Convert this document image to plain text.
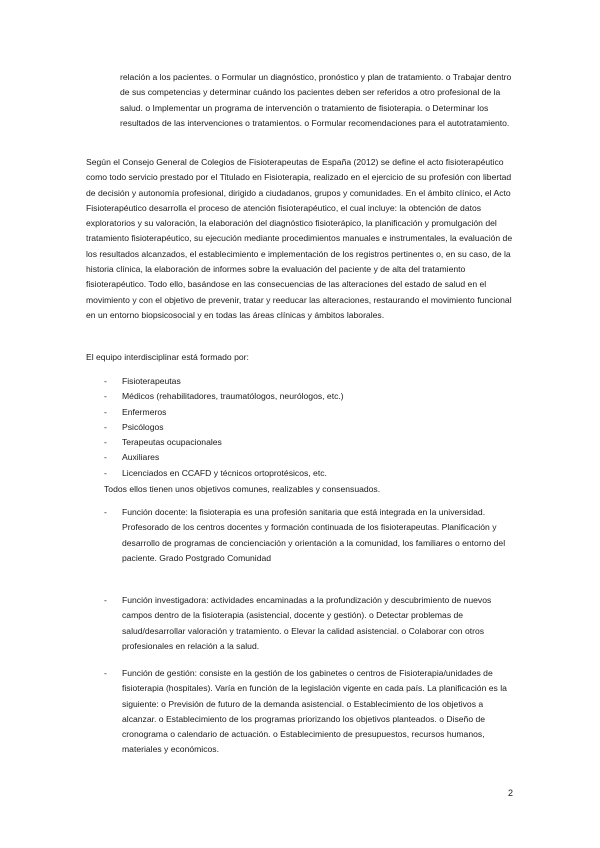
relación a los pacientes. o Formular un diagnóstico, pronóstico y plan de tratamiento. o Trabajar dentro de sus competencias y determinar cuándo los pacientes deben ser referidos a otro profesional de la salud. o Implementar un programa de intervención o tratamiento de fisioterapia. o Determinar los resultados de las intervenciones o tratamientos. o Formular recomendaciones para el autotratamiento.

Según el Consejo General de Colegios de Fisioterapeutas de España (2012) se define el acto fisioterapéutico como todo servicio prestado por el Titulado en Fisioterapia, realizado en el ejercicio de su profesión con libertad de decisión y autonomía profesional, dirigido a ciudadanos, grupos y comunidades. En el ámbito clínico, el Acto Fisioterapéutico desarrolla el proceso de atención fisioterapéutico, el cual incluye: la obtención de datos exploratorios y su valoración, la elaboración del diagnóstico fisioterápico, la planificación y promulgación del tratamiento fisioterapéutico, su ejecución mediante procedimientos manuales e instrumentales, la evaluación de los resultados alcanzados, el establecimiento e implementación de los registros pertinentes o, en su caso, de la historia clínica, la elaboración de informes sobre la evaluación del paciente y de alta del tratamiento fisioterapéutico. Todo ello, basándose en las consecuencias de las alteraciones del estado de salud en el movimiento y con el objetivo de prevenir, tratar y reeducar las alteraciones, restaurando el movimiento funcional en un entorno biopsicosocial y en todas las áreas clínicas y ámbitos laborales.

El equipo interdisciplinar está formado por:

- Fisioterapeutas
- Médicos (rehabilitadores, traumatólogos, neurólogos, etc.)
- Enfermeros
- Psicólogos
- Terapeutas ocupacionales
- Auxiliares
- Licenciados en CCAFD y técnicos ortoprotésicos, etc.

Todos ellos tienen unos objetivos comunes, realizables y consensuados.

- Función docente: la fisioterapia es una profesión sanitaria que está integrada en la universidad. Profesorado de los centros docentes y formación continuada de los fisioterapeutas. Planificación y desarrollo de programas de concienciación y orientación a la comunidad, los familiares o entorno del paciente. Grado Postgrado Comunidad

- Función investigadora: actividades encaminadas a la profundización y descubrimiento de nuevos campos dentro de la fisioterapia (asistencial, docente y gestión). o Detectar problemas de salud/desarrollar valoración y tratamiento. o Elevar la calidad asistencial. o Colaborar con otros profesionales en relación a la salud.

- Función de gestión: consiste en la gestión de los gabinetes o centros de Fisioterapia/unidades de fisioterapia (hospitales). Varía en función de la legislación vigente en cada país. La planificación es la siguiente: o Previsión de futuro de la demanda asistencial. o Establecimiento de los objetivos a alcanzar. o Establecimiento de los programas priorizando los objetivos planteados. o Diseño de cronograma o calendario de actuación. o Establecimiento de presupuestos, recursos humanos, materiales y económicos.

2
